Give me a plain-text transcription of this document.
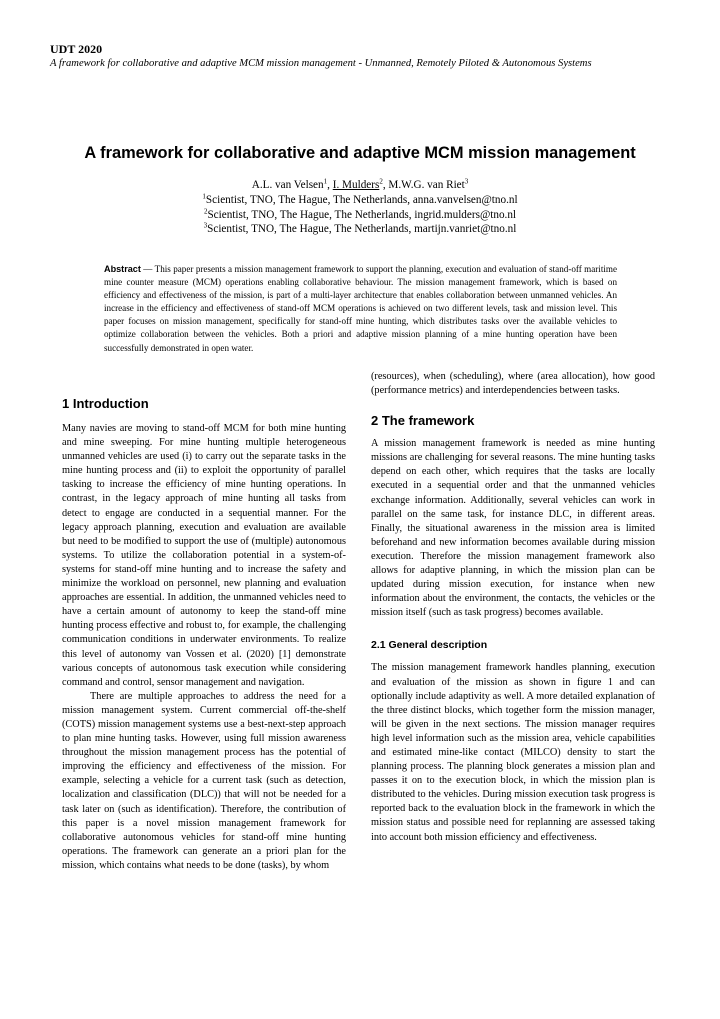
UDT 2020
A framework for collaborative and adaptive MCM mission management - Unmanned, Remotely Piloted & Autonomous Systems
A framework for collaborative and adaptive MCM mission management
A.L. van Velsen$^1$, I. Mulders$^2$, M.W.G. van Riet$^3$
$^1$Scientist, TNO, The Hague, The Netherlands, anna.vanvelsen@tno.nl
$^2$Scientist, TNO, The Hague, The Netherlands, ingrid.mulders@tno.nl
$^3$Scientist, TNO, The Hague, The Netherlands, martijn.vanriet@tno.nl
Abstract — This paper presents a mission management framework to support the planning, execution and evaluation of stand-off maritime mine counter measure (MCM) operations enabling collaborative behaviour. The mission management framework, which is based on efficiency and effectiveness of the mission, is part of a multi-layer architecture that enables collaboration between unmanned vehicles. An increase in the efficiency and effectiveness of stand-off MCM operations is achieved on two different levels, task and mission level. This paper focuses on mission management, specifically for stand-off mine hunting, which distributes tasks over the available vehicles to optimize collaboration between the vehicles. Both a priori and adaptive mission planning of a mine hunting operation have been successfully demonstrated in open water.
1 Introduction

Many navies are moving to stand-off MCM for both mine hunting and mine sweeping. For mine hunting multiple heterogeneous unmanned vehicles are used (i) to carry out the separate tasks in the mine hunting process and (ii) to exploit the opportunity of parallel tasking to increase the efficiency of mine hunting operations. In contrast, in the legacy approach of mine hunting all tasks from detect to engage are conducted in a sequential manner. For the legacy approach planning, execution and evaluation are available but need to be modified to support the use of (multiple) autonomous systems. To utilize the collaboration potential in a system-of-systems for stand-off mine hunting and to increase the safety and minimize the workload on personnel, new planning and evaluation approaches are essential. In addition, the unmanned vehicles need to have a certain amount of autonomy to keep the stand-off mine hunting process effective and robust to, for example, the challenging communication conditions in underwater environments. To realize this level of autonomy van Vossen et al. (2020) [1] demonstrate various concepts of autonomous task execution while considering command and control, sensor management and navigation.

There are multiple approaches to address the need for a mission management system. Current commercial off-the-shelf (COTS) mission management systems use a best-next-step approach to plan mine hunting tasks. However, using full mission awareness throughout the mission management process has the potential of improving the efficiency and effectiveness of the mission. For example, selecting a vehicle for a current task (such as detection, localization and classification (DLC)) that will not be needed for a task later on (such as identification). Therefore, the contribution of this paper is a novel mission management framework for collaborative autonomous vehicles for stand-off mine hunting operations. The framework can generate an a priori plan for the mission, which contains what needs to be done (tasks), by whom

(resources), when (scheduling), where (area allocation), how good (performance metrics) and interdependencies between tasks.

2 The framework

A mission management framework is needed as mine hunting missions are challenging for several reasons. The mine hunting tasks depend on each other, which requires that the tasks are locally executed in a sequential order and that the unmanned vehicles exchange information. Additionally, several vehicles can work in parallel on the same task, for instance DLC, in different areas. Finally, the situational awareness in the mission area is limited beforehand and new information becomes available during mission execution. Therefore the mission management framework also allows for adaptive planning, in which the mission plan can be updated during mission execution, for instance when new information about the environment, the contacts, the vehicles or the mission itself (such as task progress) becomes available.

2.1 General description

The mission management framework handles planning, execution and evaluation of the mission as shown in figure 1 and can optionally include adaptivity as well. A more detailed explanation of the three distinct blocks, which together form the mission manager, will be given in the next sections. The mission manager requires high level information such as the mission area, vehicle capabilities and estimated mine-like contact (MILCO) density to start the planning process. The planning block generates a mission plan and passes it on to the execution block, in which the mission plan is distributed to the vehicles. During mission execution task progress is reported back to the evaluation block in the framework in which the mission status and possible need for replanning are assessed taking into account both mission efficiency and effectiveness.
